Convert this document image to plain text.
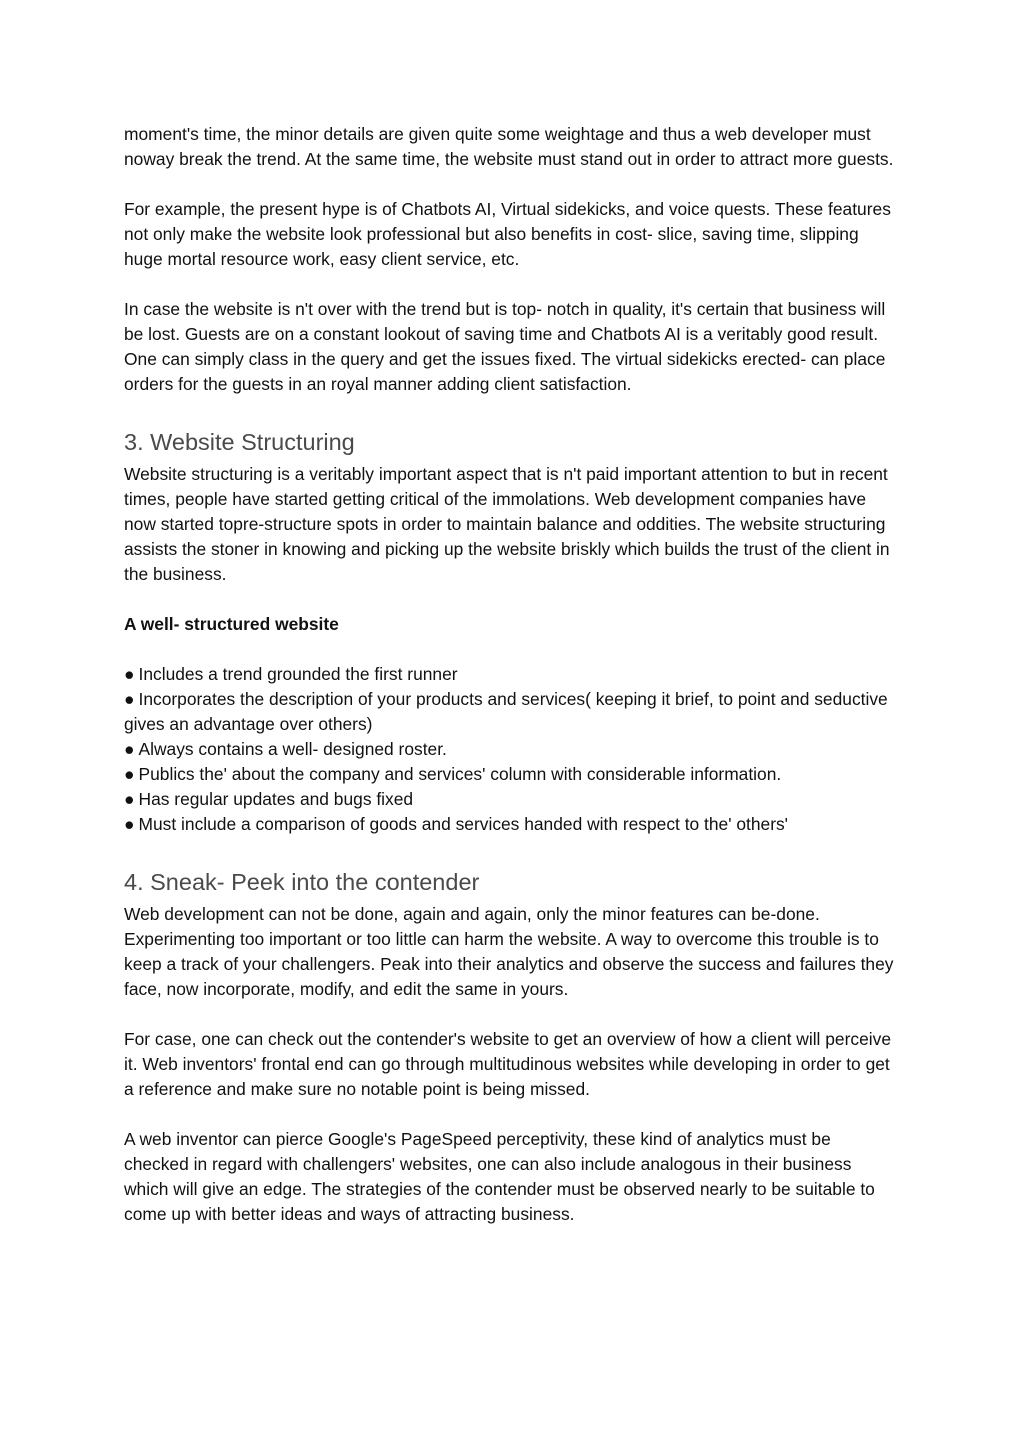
moment's time, the minor details are given quite some weightage and thus a web developer must noway break the trend. At the same time, the website must stand out in order to attract more guests.

For example, the present hype is of Chatbots AI, Virtual sidekicks, and voice quests. These features not only make the website look professional but also benefits in cost- slice, saving time, slipping huge mortal resource work, easy client service, etc.

In case the website is n't over with the trend but is top- notch in quality, it's certain that business will be lost. Guests are on a constant lookout of saving time and Chatbots AI is a veritably good result. One can simply class in the query and get the issues fixed. The virtual sidekicks erected- can place orders for the guests in an royal manner adding client satisfaction.

3. Website Structuring

Website structuring is a veritably important aspect that is n't paid important attention to but in recent times, people have started getting critical of the immolations. Web development companies have now started topre-structure spots in order to maintain balance and oddities. The website structuring assists the stoner in knowing and picking up the website briskly which builds the trust of the client in the business.

A well- structured website
● Includes a trend grounded the first runner
● Incorporates the description of your products and services( keeping it brief, to point and seductive gives an advantage over others)
● Always contains a well- designed roster.
● Publics the' about the company and services' column with considerable information.
● Has regular updates and bugs fixed
● Must include a comparison of goods and services handed with respect to the' others'
4. Sneak- Peek into the contender

Web development can not be done, again and again, only the minor features can be-done. Experimenting too important or too little can harm the website. A way to overcome this trouble is to keep a track of your challengers. Peak into their analytics and observe the success and failures they face, now incorporate, modify, and edit the same in yours.

For case, one can check out the contender's website to get an overview of how a client will perceive it. Web inventors' frontal end can go through multitudinous websites while developing in order to get a reference and make sure no notable point is being missed.

A web inventor can pierce Google's PageSpeed perceptivity, these kind of analytics must be checked in regard with challengers' websites, one can also include analogous in their business which will give an edge. The strategies of the contender must be observed nearly to be suitable to come up with better ideas and ways of attracting business.
